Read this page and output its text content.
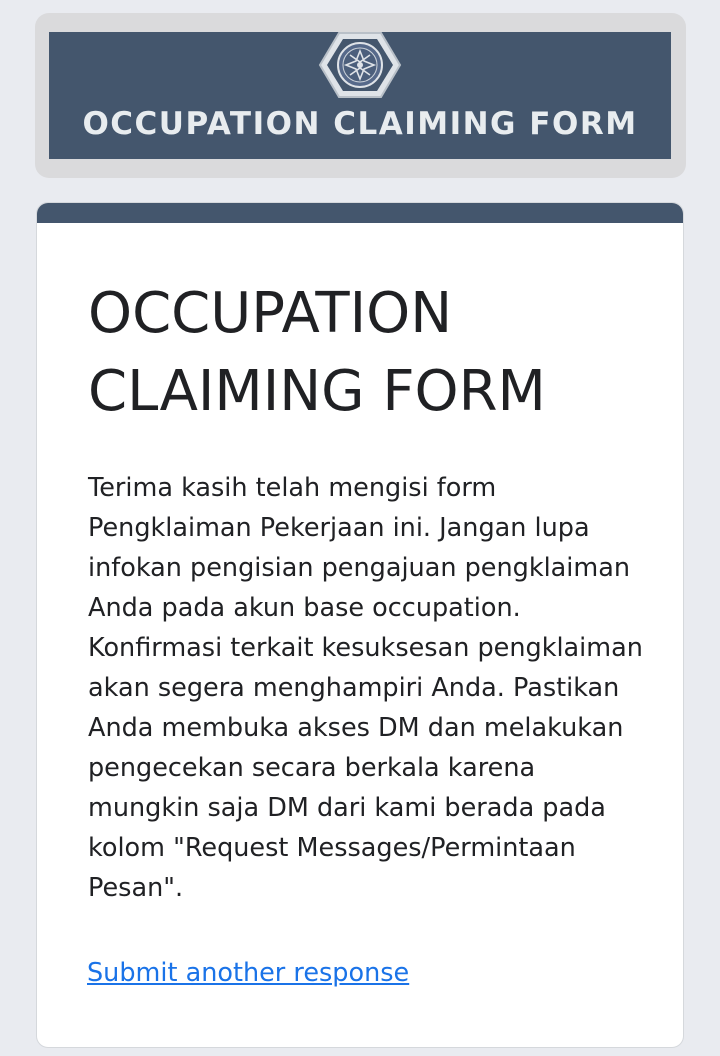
OCCUPATION CLAIMING FORM
OCCUPATION CLAIMING FORM

Terima kasih telah mengisi form Pengklaiman Pekerjaan ini. Jangan lupa infokan pengisian pengajuan pengklaiman Anda pada akun base occupation. Konfirmasi terkait kesuksesan pengklaiman akan segera menghampiri Anda. Pastikan Anda membuka akses DM dan melakukan pengecekan secara berkala karena mungkin saja DM dari kami berada pada kolom "Request Messages/Permintaan Pesan".

Submit another response
